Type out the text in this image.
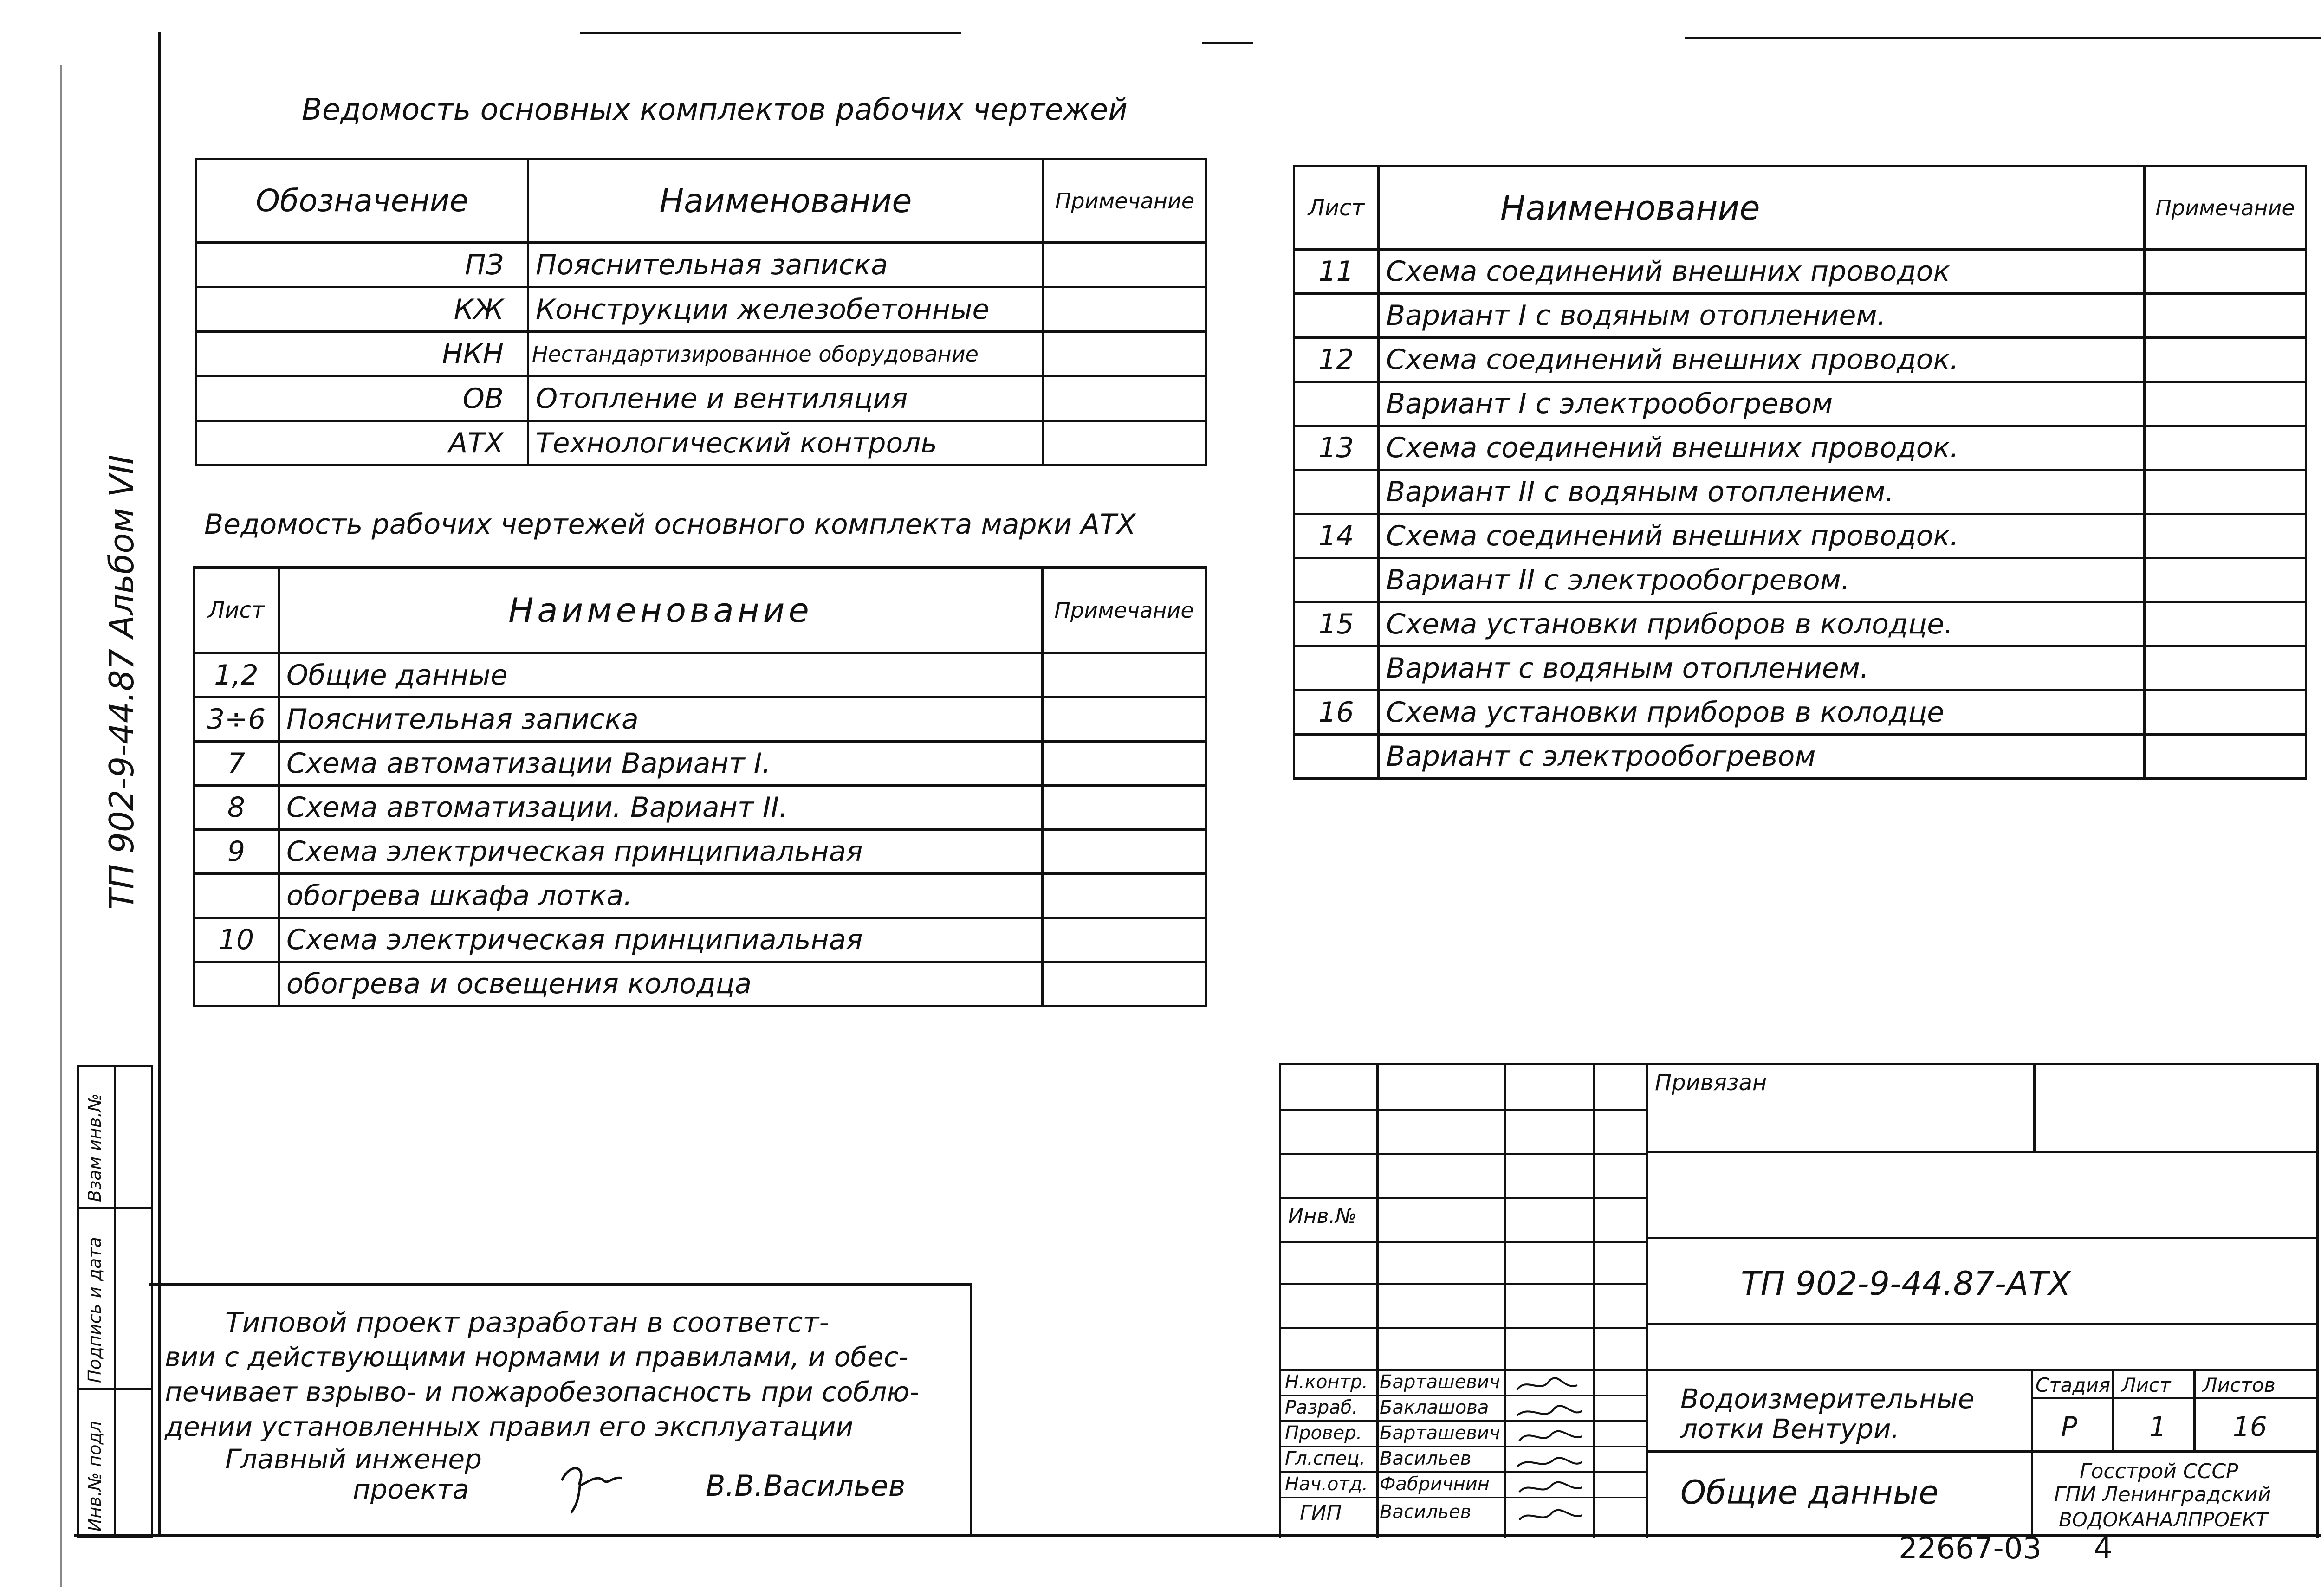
ТП 902-9-44.87 Альбом VII
Взам инв.№
Подпись и дата
Инв.№ подл
Ведомость основных комплектов рабочих чертежей
Обозначение	Наименование	Примечание
ПЗ	Пояснительная записка	
КЖ	Конструкции железобетонные	
НКН	Нестандартизированное оборудование	
ОВ	Отопление и вентиляция	
АТХ	Технологический контроль	
Ведомость рабочих чертежей основного комплекта марки АТХ
Лист	Наименование	Примечание
1,2	Общие данные	
3÷6	Пояснительная записка	
7	Схема автоматизации Вариант I.	
8	Схема автоматизации. Вариант II.	
9	Схема электрическая принципиальная	
	обогрева шкафа лотка.	
10	Схема электрическая принципиальная	
	обогрева и освещения колодца	
Лист	Наименование	Примечание
11	Схема соединений внешних проводок	
	Вариант I с водяным отоплением.	
12	Схема соединений внешних проводок.	
	Вариант I с электрообогревом	
13	Схема соединений внешних проводок.	
	Вариант II с водяным отоплением.	
14	Схема соединений внешних проводок.	
	Вариант II с электрообогревом.	
15	Схема установки приборов в колодце.	
	Вариант с водяным отоплением.	
16	Схема установки приборов в колодце	
	Вариант с электрообогревом	
Типовой проект разработан в соответст-
вии с действующими нормами и правилами, и обес-
печивает взрыво- и пожаробезопасность при соблю-
дении установленных правил его эксплуатации
Главный инженер
проекта	В.В.Васильев
Инв.№
Привязан
ТП 902-9-44.87-АТХ
Водоизмерительные
лотки Вентури.
Общие данные
Стадия Лист Листов
Р	1 16
Госстрой СССР
ГПИ Ленинградский
ВОДОКАНАЛПРОЕКТ
Н.контр. Барташевич
Разраб. Баклашова
Провер. Барташевич
Гл.спец. Васильев
Нач.отд. Фабричнин
ГИП Васильев
22667-03 4
